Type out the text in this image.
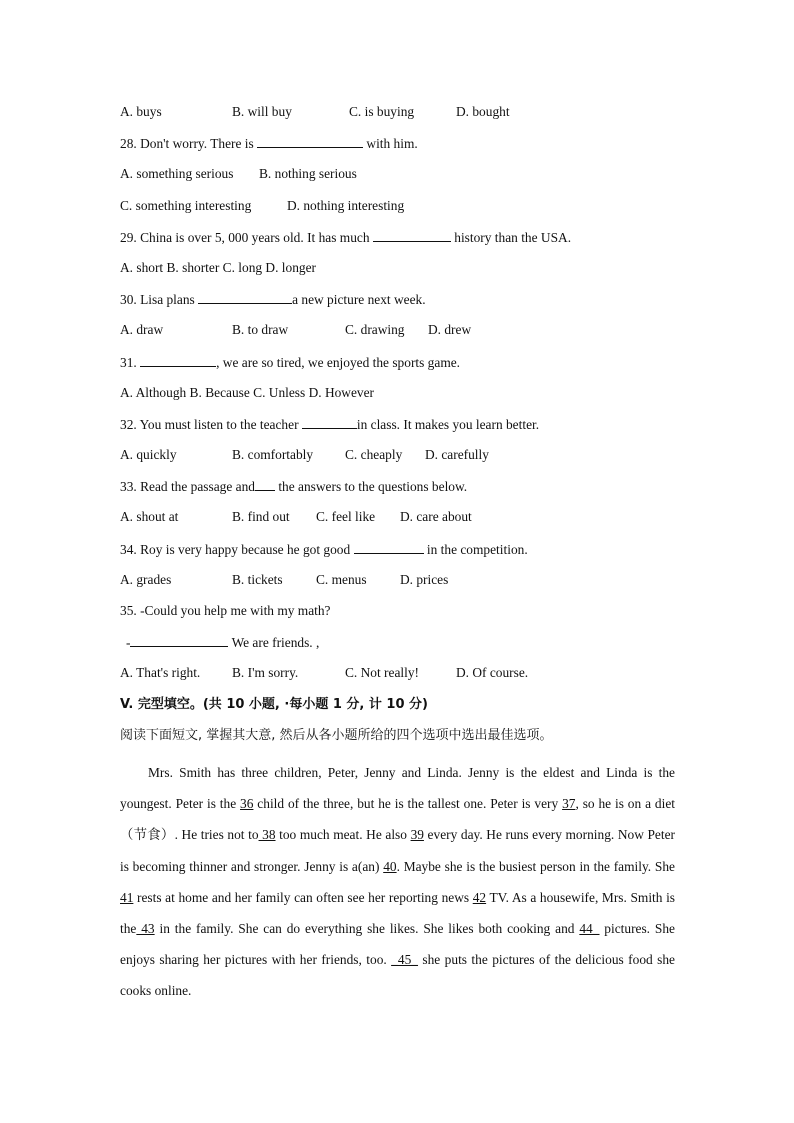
A. buys	B. will buy	C. is buying	D. bought
28. Don't worry. There is	with him.
A. something serious B. nothing serious
C. something interesting	D. nothing interesting
29. China is over 5, 000 years old. It has much	history than the USA.
A. short B. shorter C. long D. longer
30. Lisa plans	a new picture next week.
A. draw	B. to draw	C. drawing D. drew
31.	, we are so tired, we enjoyed the sports game.
A. Although B. Because C. Unless D. However
32. You must listen to the teacher	in class. It makes you learn better.
A. quickly	B. comfortably C. cheaply D. carefully
33. Read the passage and the answers to the questions below.
A. shout at	B. find out C. feel like D. care about
34. Roy is very happy because he got good	in the competition.
A. grades	B. tickets C. menus D. prices
35. -Could you help me with my math?
-	We are friends. ,
A. That's right. B. I'm sorry.	C. Not really!	D. Of course.
V. 完型填空。(共 10 小题, ·每小题 1 分, 计 10 分)
阅读下面短文, 掌握其大意, 然后从各小题所给的四个选项中选出最佳选项。
Mrs. Smith has three children, Peter, Jenny and Linda. Jenny is the eldest and Linda is the youngest. Peter is the 36 child of the three, but he is the tallest one. Peter is very 37, so he is on a diet（节食）. He tries not to 38 too much meat. He also 39 every day. He runs every morning. Now Peter is becoming thinner and stronger. Jenny is a(an) 40. Maybe she is the busiest person in the family. She 41 rests at home and her family can often see her reporting news 42 TV. As a housewife, Mrs. Smith is the 43 in the family. She can do everything she likes. She likes both cooking and 44_ pictures. She enjoys sharing her pictures with her friends, too. _45_ she puts the pictures of the delicious food she cooks online.
